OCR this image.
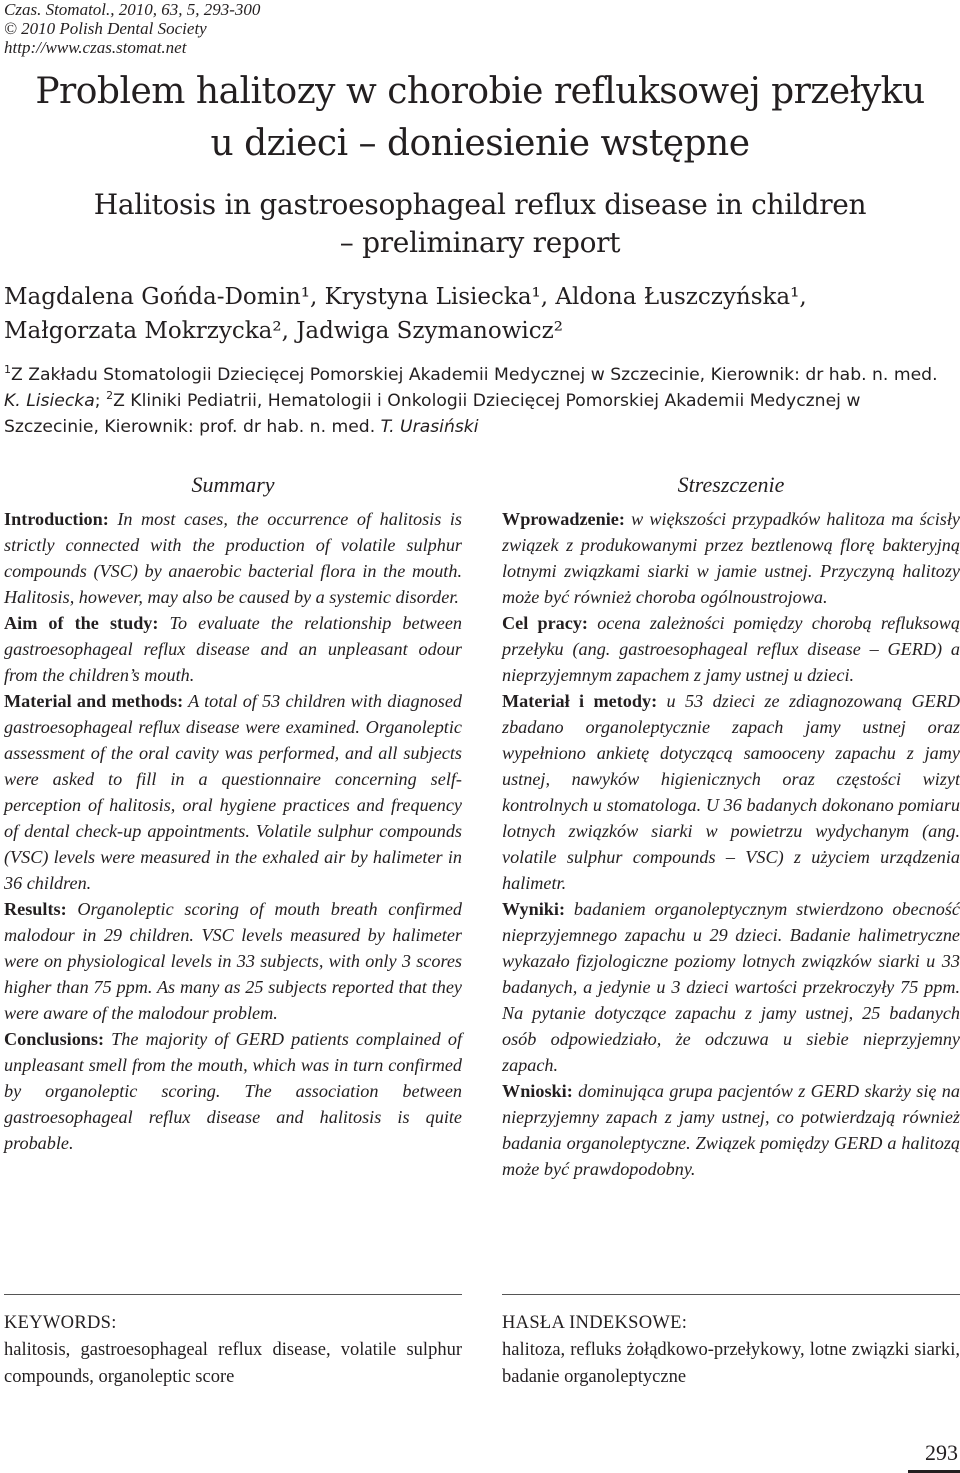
Czas. Stomatol., 2010, 63, 5, 293-300
© 2010 Polish Dental Society
http://www.czas.stomat.net
Problem halitozy w chorobie refluksowej przełyku
u dzieci – doniesienie wstępne
Halitosis in gastroesophageal reflux disease in children
– preliminary report
Magdalena Gońda-Domin¹, Krystyna Lisiecka¹, Aldona Łuszczyńska¹,
Małgorzata Mokrzycka², Jadwiga Szymanowicz²
$^1$Z Zakładu Stomatologii Dziecięcej Pomorskiej Akademii Medycznej w Szczecinie, Kierownik: dr hab. n. med. K. Lisiecka; $^2$Z Kliniki Pediatrii, Hematologii i Onkologii Dziecięcej Pomorskiej Akademii Medycznej w Szczecinie, Kierownik: prof. dr hab. n. med. T. Urasiński
Summary

Introduction: In most cases, the occurrence of halitosis is strictly connected with the production of volatile sulphur compounds (VSC) by anaerobic bacterial flora in the mouth. Halitosis, however, may also be caused by a systemic disorder.

Aim of the study: To evaluate the relationship between gastroesophageal reflux disease and an unpleasant odour from the children’s mouth.

Material and methods: A total of 53 children with diagnosed gastroesophageal reflux disease were examined. Organoleptic assessment of the oral cavity was performed, and all subjects were asked to fill in a questionnaire concerning self-perception of halitosis, oral hygiene practices and frequency of dental check-up appointments. Volatile sulphur compounds (VSC) levels were measured in the exhaled air by halimeter in 36 children.

Results: Organoleptic scoring of mouth breath confirmed malodour in 29 children. VSC levels measured by halimeter were on physiological levels in 33 subjects, with only 3 scores higher than 75 ppm. As many as 25 subjects reported that they were aware of the malodour problem.

Conclusions: The majority of GERD patients complained of unpleasant smell from the mouth, which was in turn confirmed by organoleptic scoring. The association between gastroesophageal reflux disease and halitosis is quite probable.

Streszczenie

Wprowadzenie: w większości przypadków halitoza ma ścisły związek z produkowanymi przez beztlenową florę bakteryjną lotnymi związkami siarki w jamie ustnej. Przyczyną halitozy może być również choroba ogólnoustrojowa.

Cel pracy: ocena zależności pomiędzy chorobą refluksową przełyku (ang. gastroesophageal reflux disease – GERD) a nieprzyjemnym zapachem z jamy ustnej u dzieci.

Materiał i metody: u 53 dzieci ze zdiagnozowaną GERD zbadano organoleptycznie zapach jamy ustnej oraz wypełniono ankietę dotyczącą samooceny zapachu z jamy ustnej, nawyków higienicznych oraz częstości wizyt kontrolnych u stomatologa. U 36 badanych dokonano pomiaru lotnych związków siarki w powietrzu wydychanym (ang. volatile sulphur compounds – VSC) z użyciem urządzenia halimetr.

Wyniki: badaniem organoleptycznym stwierdzono obecność nieprzyjemnego zapachu u 29 dzieci. Badanie halimetryczne wykazało fizjologiczne poziomy lotnych związków siarki u 33 badanych, a jedynie u 3 dzieci wartości przekroczyły 75 ppm. Na pytanie dotyczące zapachu z jamy ustnej, 25 badanych osób odpowiedziało, że odczuwa u siebie nieprzyjemny zapach.

Wnioski: dominująca grupa pacjentów z GERD skarży się na nieprzyjemny zapach z jamy ustnej, co potwierdzają również badania organoleptyczne. Związek pomiędzy GERD a halitozą może być prawdopodobny.

KEYWORDS:
halitosis, gastroesophageal reflux disease, volatile sulphur compounds, organoleptic score
HASŁA INDEKSOWE:
halitoza, refluks żołądkowo-przełykowy, lotne związki siarki, badanie organoleptyczne
293
